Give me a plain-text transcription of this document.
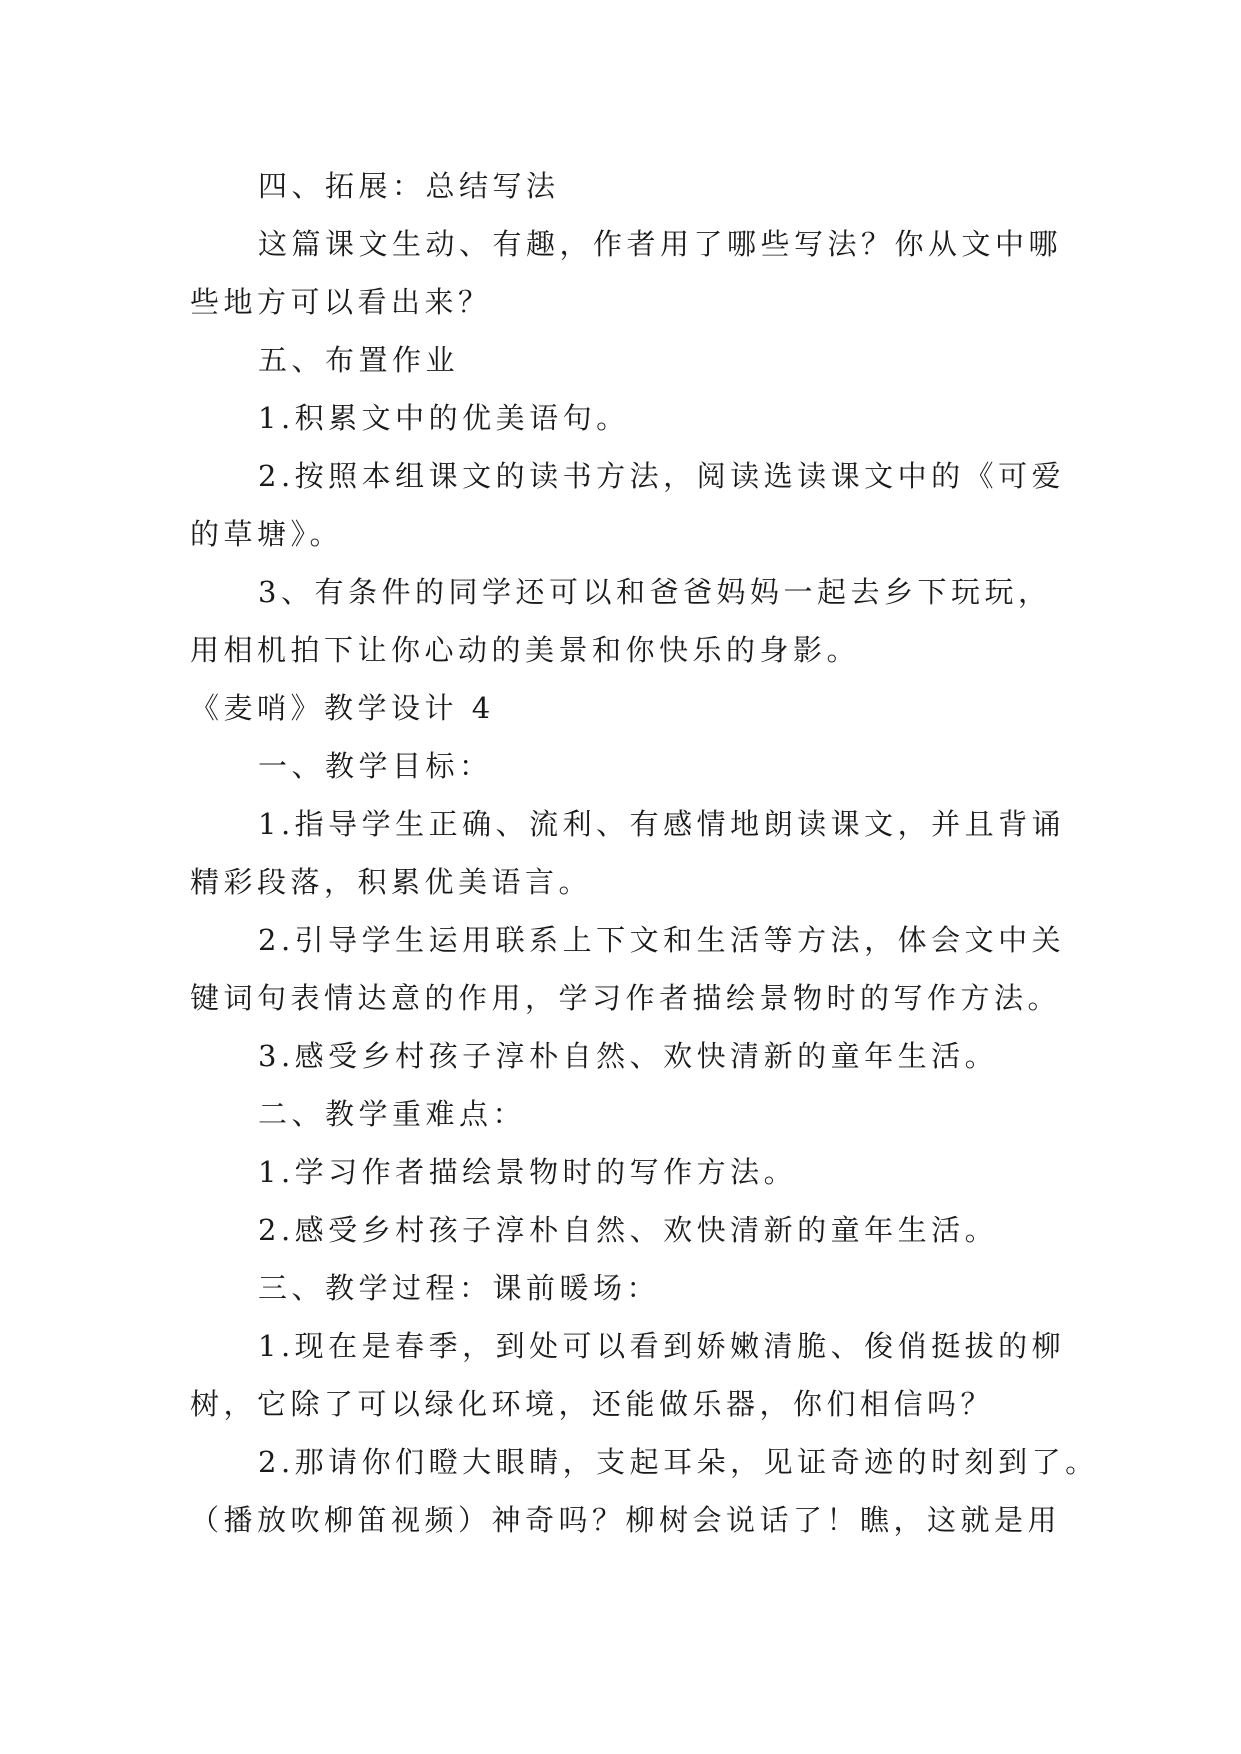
四、拓展：总结写法
这篇课文生动、有趣，作者用了哪些写法？你从文中哪
些地方可以看出来？
五、布置作业
1.积累文中的优美语句。
2.按照本组课文的读书方法，阅读选读课文中的《可爱
的草塘》。
3、有条件的同学还可以和爸爸妈妈一起去乡下玩玩，
用相机拍下让你心动的美景和你快乐的身影。
《麦哨》教学设计 4
一、教学目标：
1.指导学生正确、流利、有感情地朗读课文，并且背诵
精彩段落，积累优美语言。
2.引导学生运用联系上下文和生活等方法，体会文中关
键词句表情达意的作用，学习作者描绘景物时的写作方法。
3.感受乡村孩子淳朴自然、欢快清新的童年生活。
二、教学重难点：
1.学习作者描绘景物时的写作方法。
2.感受乡村孩子淳朴自然、欢快清新的童年生活。
三、教学过程：课前暖场：
1.现在是春季，到处可以看到娇嫩清脆、俊俏挺拔的柳
树，它除了可以绿化环境，还能做乐器，你们相信吗？
2.那请你们瞪大眼睛，支起耳朵，见证奇迹的时刻到了。
（播放吹柳笛视频）神奇吗？柳树会说话了！瞧，这就是用
